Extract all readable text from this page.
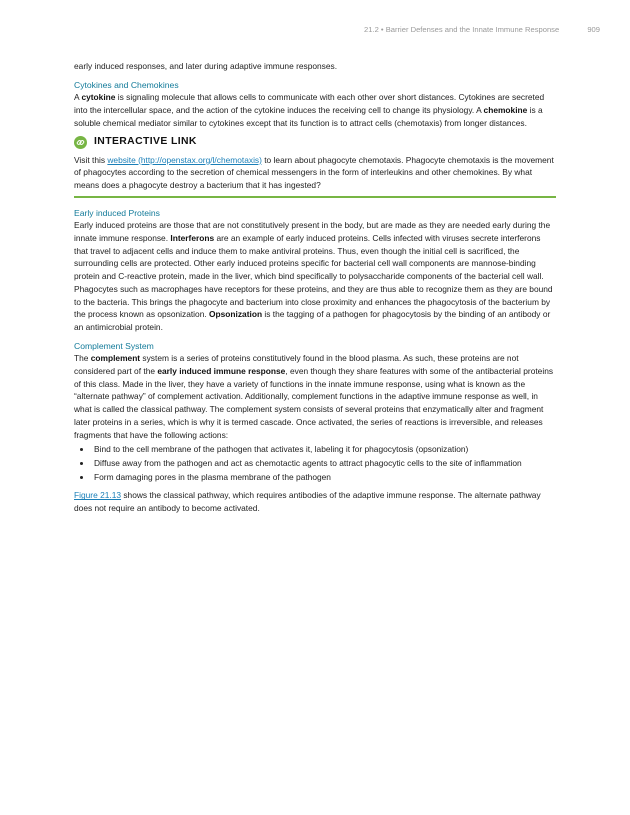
21.2 • Barrier Defenses and the Innate Immune Response	909

early induced responses, and later during adaptive immune responses.

Cytokines and Chemokines

A cytokine is signaling molecule that allows cells to communicate with each other over short distances. Cytokines are secreted into the intercellular space, and the action of the cytokine induces the receiving cell to change its physiology. A chemokine is a soluble chemical mediator similar to cytokines except that its function is to attract cells (chemotaxis) from longer distances.

INTERACTIVE LINK

Visit this website (http://openstax.org/l/chemotaxis) to learn about phagocyte chemotaxis. Phagocyte chemotaxis is the movement of phagocytes according to the secretion of chemical messengers in the form of interleukins and other chemokines. By what means does a phagocyte destroy a bacterium that it has ingested?

Early induced Proteins

Early induced proteins are those that are not constitutively present in the body, but are made as they are needed early during the innate immune response. Interferons are an example of early induced proteins. Cells infected with viruses secrete interferons that travel to adjacent cells and induce them to make antiviral proteins. Thus, even though the initial cell is sacrificed, the surrounding cells are protected. Other early induced proteins specific for bacterial cell wall components are mannose-binding protein and C-reactive protein, made in the liver, which bind specifically to polysaccharide components of the bacterial cell wall. Phagocytes such as macrophages have receptors for these proteins, and they are thus able to recognize them as they are bound to the bacteria. This brings the phagocyte and bacterium into close proximity and enhances the phagocytosis of the bacterium by the process known as opsonization. Opsonization is the tagging of a pathogen for phagocytosis by the binding of an antibody or an antimicrobial protein.

Complement System

The complement system is a series of proteins constitutively found in the blood plasma. As such, these proteins are not considered part of the early induced immune response, even though they share features with some of the antibacterial proteins of this class. Made in the liver, they have a variety of functions in the innate immune response, using what is known as the “alternate pathway” of complement activation. Additionally, complement functions in the adaptive immune response as well, in what is called the classical pathway. The complement system consists of several proteins that enzymatically alter and fragment later proteins in a series, which is why it is termed cascade. Once activated, the series of reactions is irreversible, and releases fragments that have the following actions:

• Bind to the cell membrane of the pathogen that activates it, labeling it for phagocytosis (opsonization)
• Diffuse away from the pathogen and act as chemotactic agents to attract phagocytic cells to the site of inflammation
• Form damaging pores in the plasma membrane of the pathogen

Figure 21.13 shows the classical pathway, which requires antibodies of the adaptive immune response. The alternate pathway does not require an antibody to become activated.
